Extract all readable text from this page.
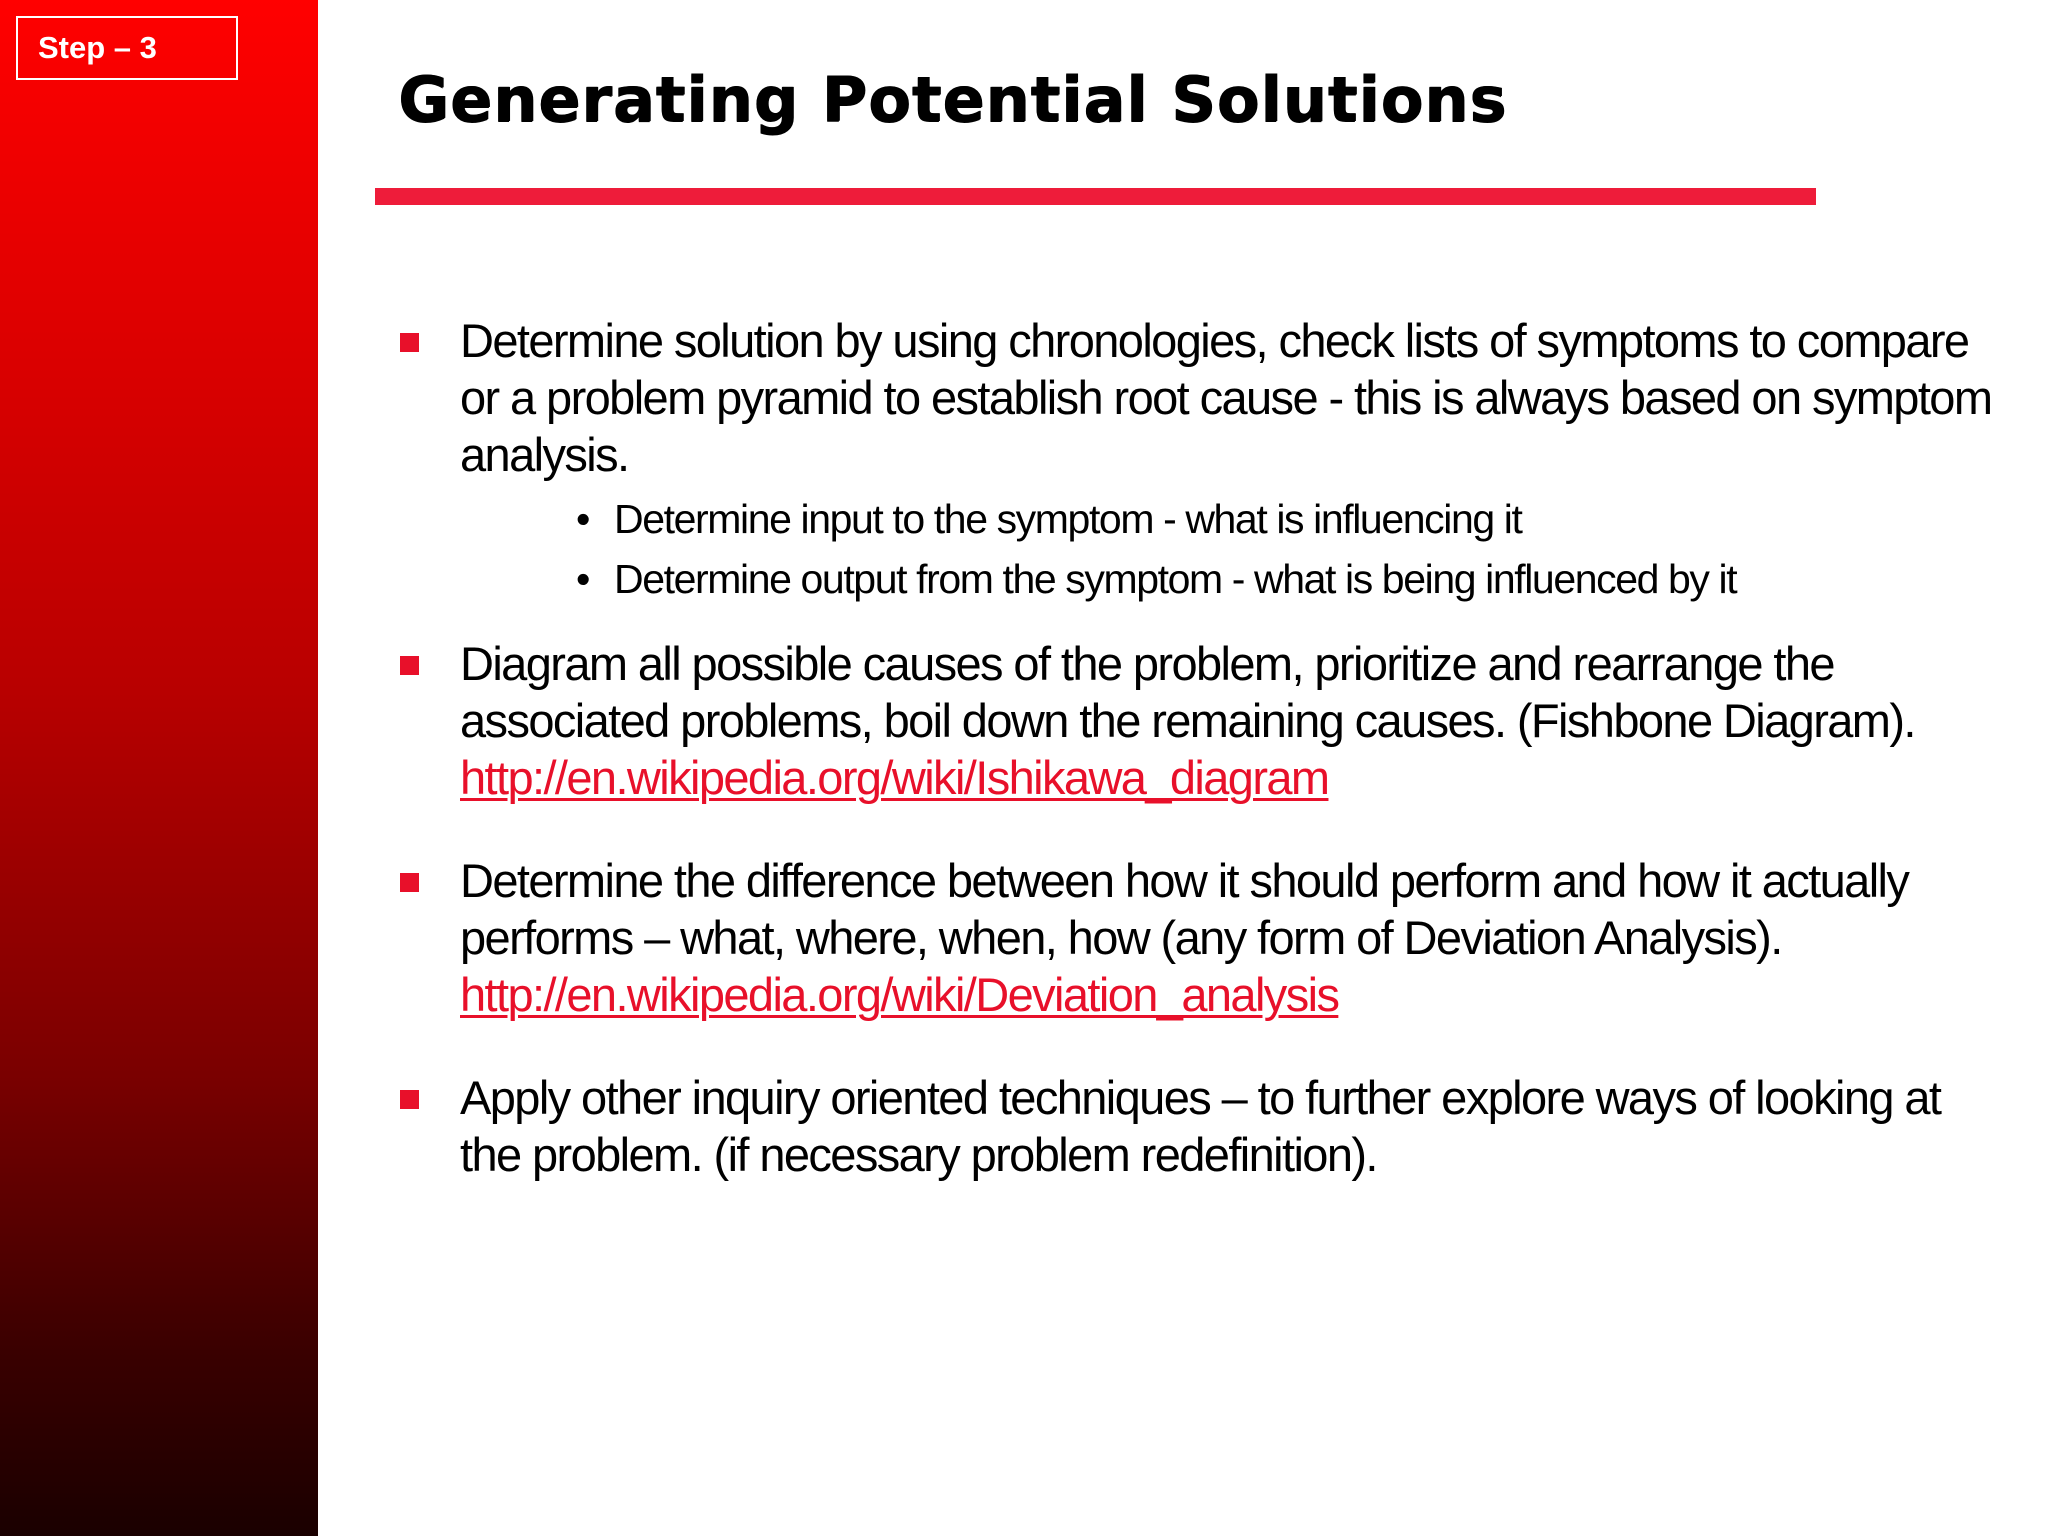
Step – 3
Generating Potential Solutions
Determine solution by using chronologies, check lists of symptoms to compare or a problem pyramid to establish root cause - this is always based on symptom analysis.
• Determine input to the symptom - what is influencing it
• Determine output from the symptom - what is being influenced by it
Diagram all possible causes of the problem, prioritize and rearrange the associated problems, boil down the remaining causes. (Fishbone Diagram). http://en.wikipedia.org/wiki/Ishikawa_diagram
Determine the difference between how it should perform and how it actually performs – what, where, when, how (any form of Deviation Analysis). http://en.wikipedia.org/wiki/Deviation_analysis
Apply other inquiry oriented techniques – to further explore ways of looking at the problem. (if necessary problem redefinition).
